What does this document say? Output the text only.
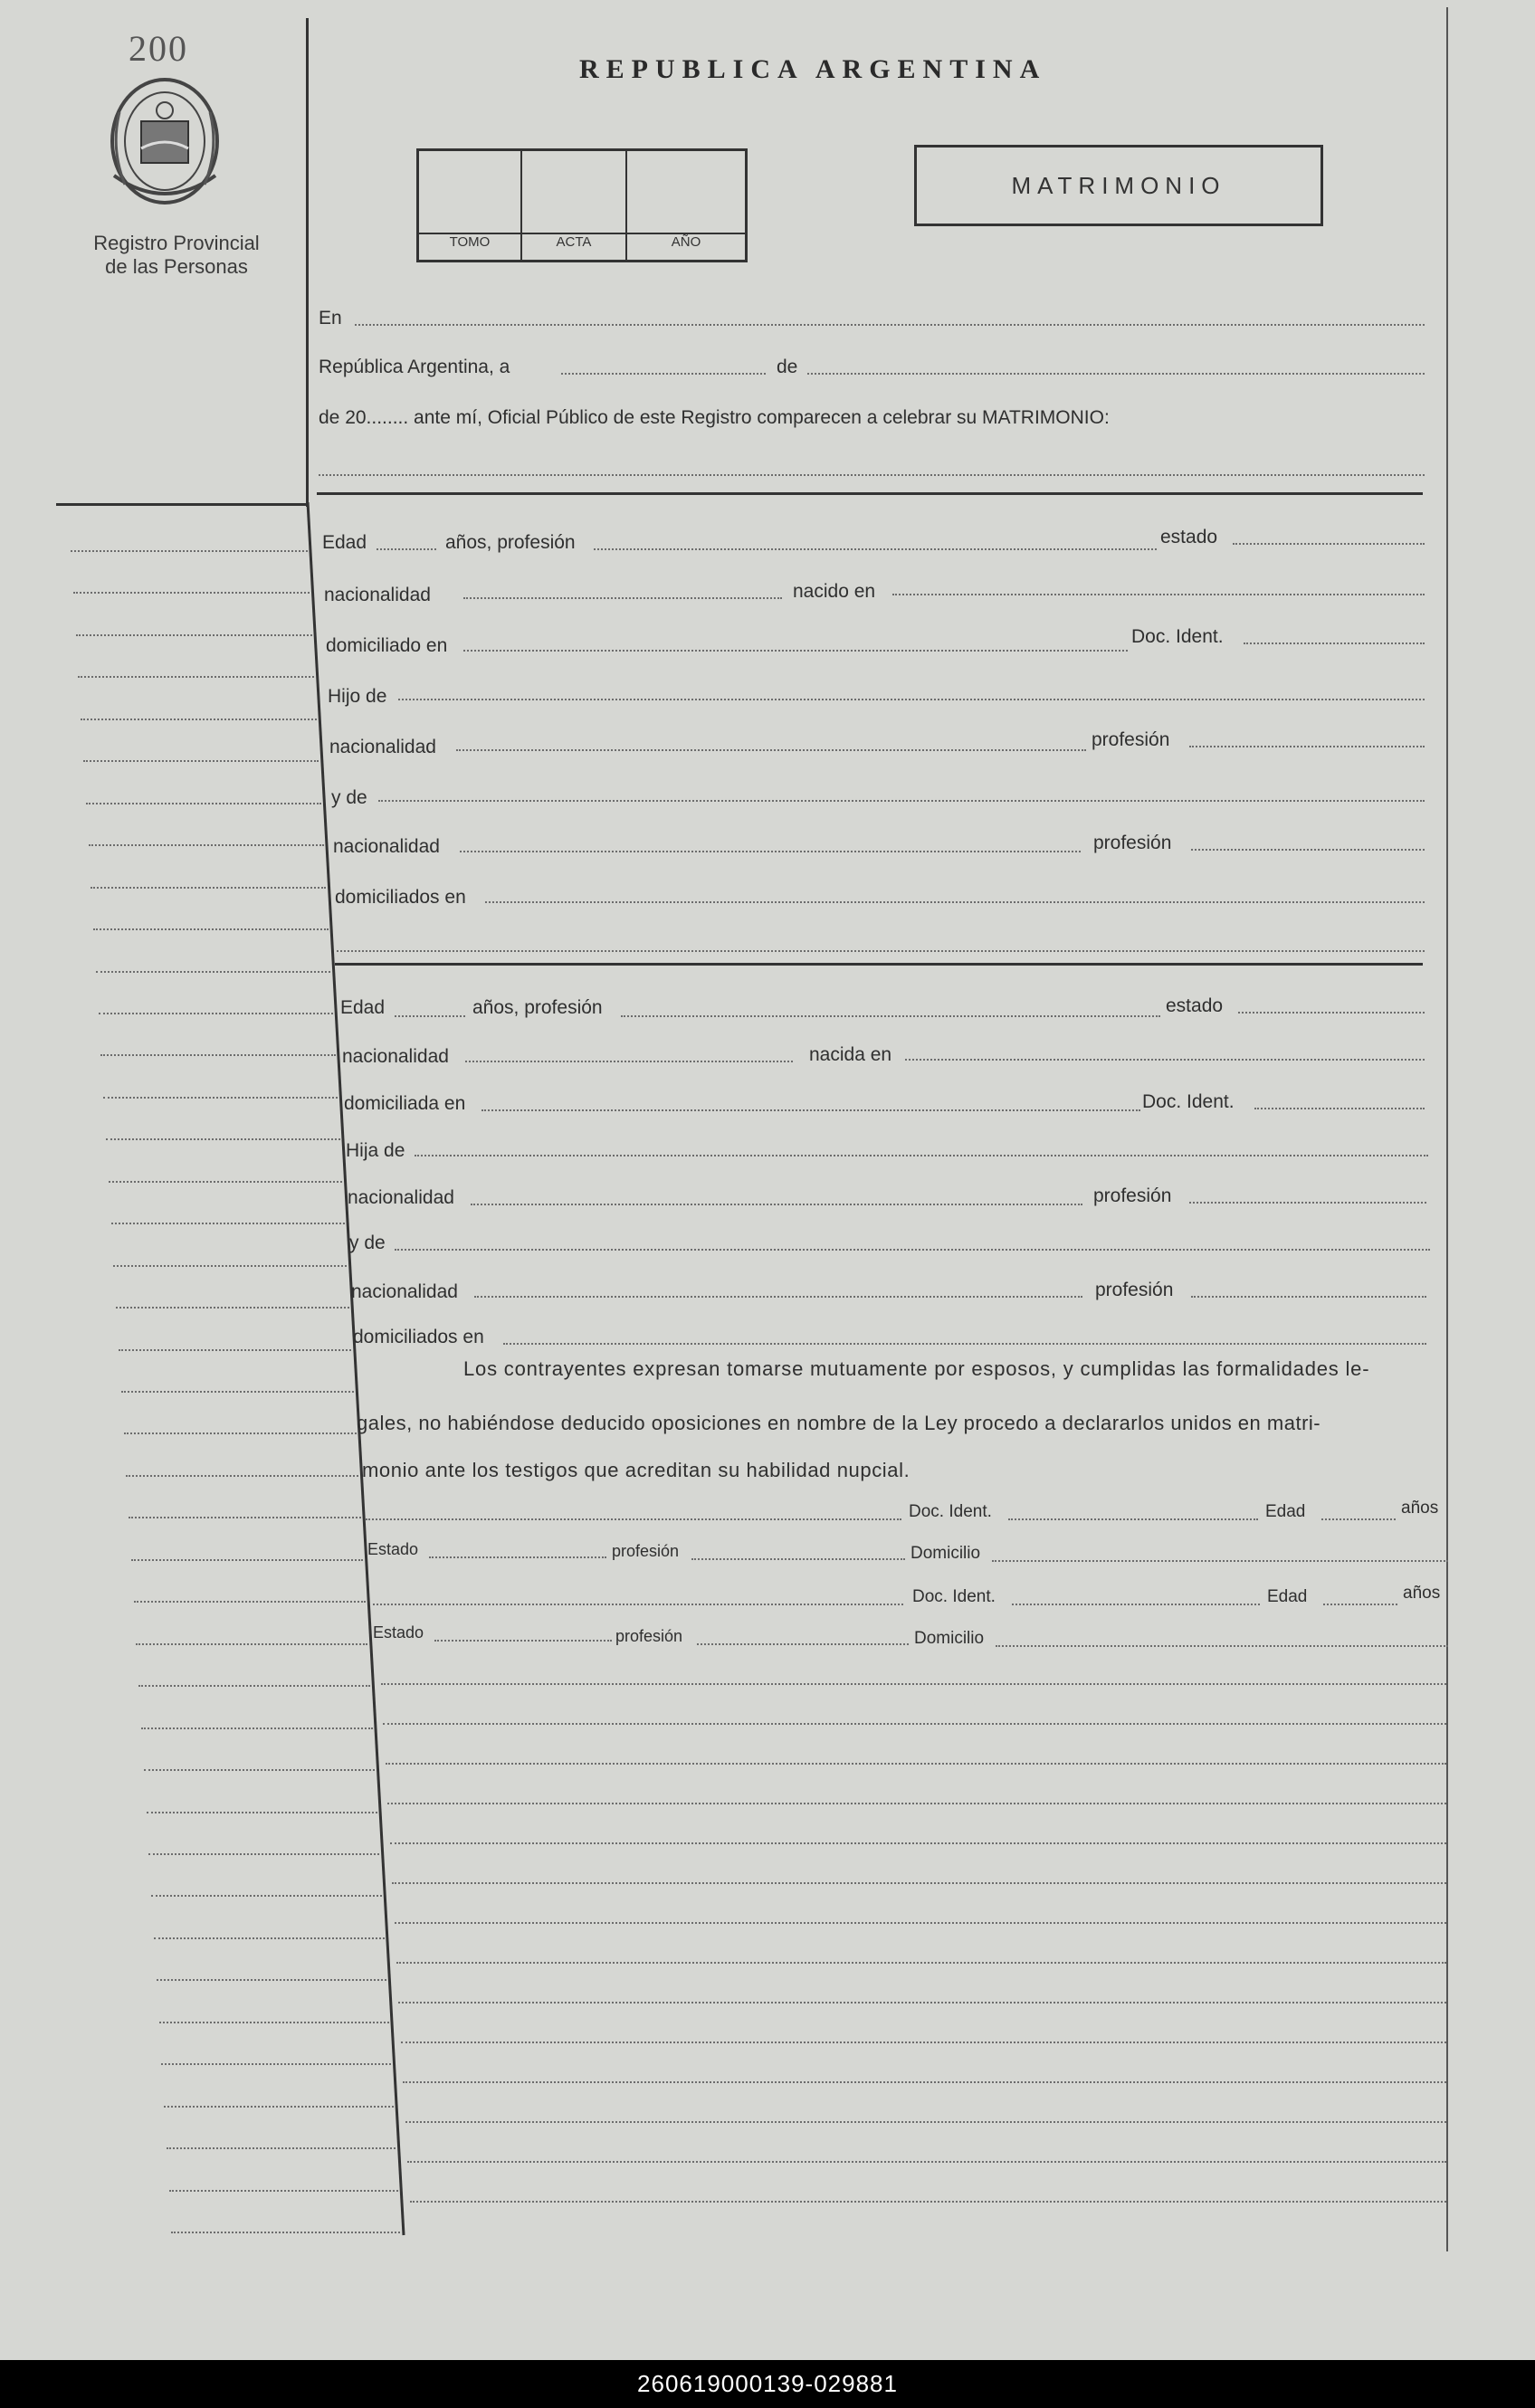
200
Registro Provincial
de las Personas
REPUBLICA ARGENTINA
TOMO	ACTA	AÑO
MATRIMONIO
En
República Argentina, a	de
de 20........ ante mí, Oficial Público de este Registro comparecen a celebrar su MATRIMONIO:
Edad	años, profesión	estado
nacionalidad	nacido en
domiciliado en	Doc. Ident.
Hijo de
nacionalidad	profesión
y de
nacionalidad	profesión
domiciliados en
Edad	años, profesión	estado
nacionalidad	nacida en
domiciliada en	Doc. Ident.
Hija de
nacionalidad	profesión
y de
nacionalidad	profesión
domiciliados en
Los contrayentes expresan tomarse mutuamente por esposos, y cumplidas las formalidades le-
gales, no habiéndose deducido oposiciones en nombre de la Ley procedo a declararlos unidos en matri-
monio ante los testigos que acreditan su habilidad nupcial.
Doc. Ident.	Edad	años
Estado	profesión	Domicilio
Doc. Ident.	Edad	años
Estado	profesión	Domicilio
260619000139-029881
